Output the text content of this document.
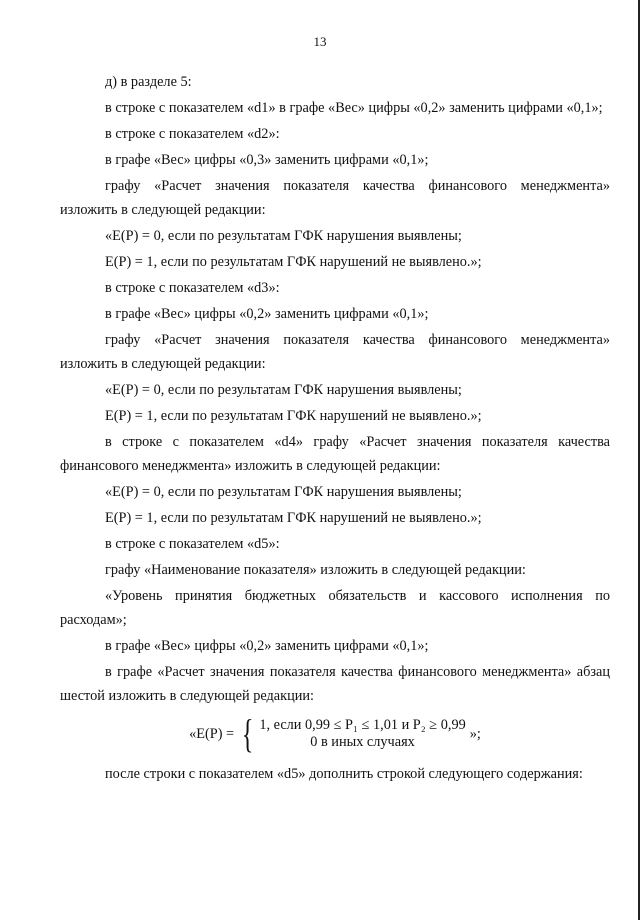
13

д) в разделе 5:

в строке с показателем «d1» в графе «Вес» цифры «0,2» заменить цифрами «0,1»;

в строке с показателем «d2»:

в графе «Вес» цифры «0,3» заменить цифрами «0,1»;

графу «Расчет значения показателя качества финансового менеджмента» изложить в следующей редакции:

«E(P) = 0, если по результатам ГФК нарушения выявлены;

E(P) = 1, если по результатам ГФК нарушений не выявлено.»;

в строке с показателем «d3»:

в графе «Вес» цифры «0,2» заменить цифрами «0,1»;

графу «Расчет значения показателя качества финансового менеджмента» изложить в следующей редакции:

«E(P) = 0, если по результатам ГФК нарушения выявлены;

E(P) = 1, если по результатам ГФК нарушений не выявлено.»;

в строке с показателем «d4» графу «Расчет значения показателя качества финансового менеджмента» изложить в следующей редакции:

«E(P) = 0, если по результатам ГФК нарушения выявлены;

E(P) = 1, если по результатам ГФК нарушений не выявлено.»;

в строке с показателем «d5»:

графу «Наименование показателя» изложить в следующей редакции:

«Уровень принятия бюджетных обязательств и кассового исполнения по расходам»;

в графе «Вес» цифры «0,2» заменить цифрами «0,1»;

в графе «Расчет значения показателя качества финансового менеджмента» абзац шестой изложить в следующей редакции:

«E(P) = { 1, если 0,99 ≤ P₁ ≤ 1,01 и P₂ ≥ 0,99
0 в иных случаях	»;

после строки с показателем «d5» дополнить строкой следующего содержания:
